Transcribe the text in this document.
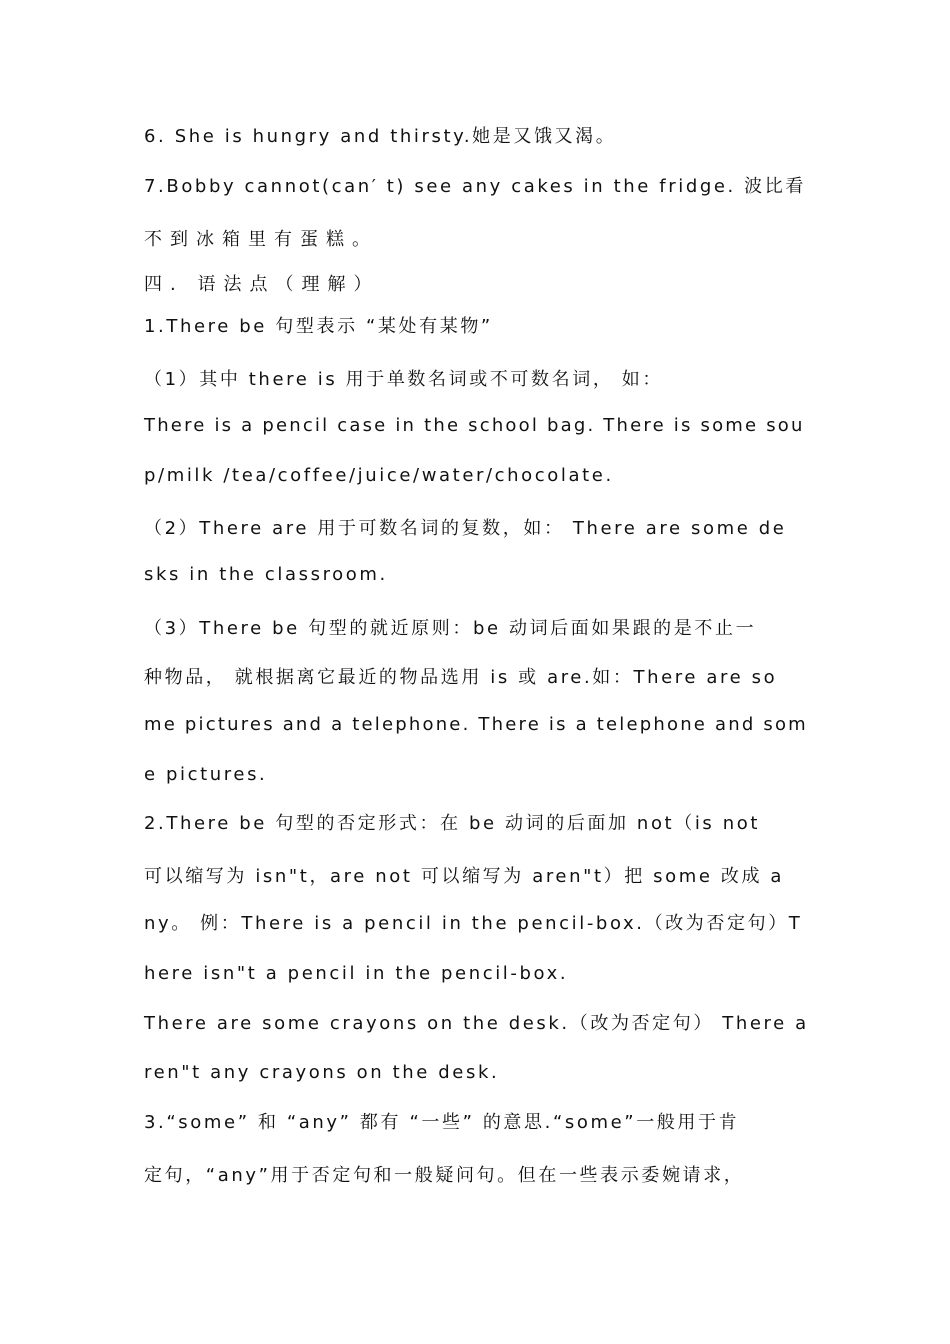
6. She is hungry and thirsty.她是又饿又渴。
7.Bobby cannot(can′ t) see any cakes in the fridge. 波比看
不到冰箱里有蛋糕。
四. 语法点（理解）
1.There be 句型表示 “某处有某物”
（1）其中 there is 用于单数名词或不可数名词， 如：
There is a pencil case in the school bag. There is some sou
p/milk /tea/coffee/juice/water/chocolate.
（2）There are 用于可数名词的复数，如： There are some de
sks in the classroom.
（3）There be 句型的就近原则：be 动词后面如果跟的是不止一
种物品， 就根据离它最近的物品选用 is 或 are.如：There are so
me pictures and a telephone. There is a telephone and som
e pictures.
2.There be 句型的否定形式：在 be 动词的后面加 not（is not
可以缩写为 isn"t，are not 可以缩写为 aren"t）把 some 改成 a
ny。 例：There is a pencil in the pencil-box.（改为否定句）T
here isn"t a pencil in the pencil-box.
There are some crayons on the desk.（改为否定句） There a
ren"t any crayons on the desk.
3.“some” 和 “any” 都有 “一些” 的意思.“some”一般用于肯
定句，“any”用于否定句和一般疑问句。但在一些表示委婉请求，
